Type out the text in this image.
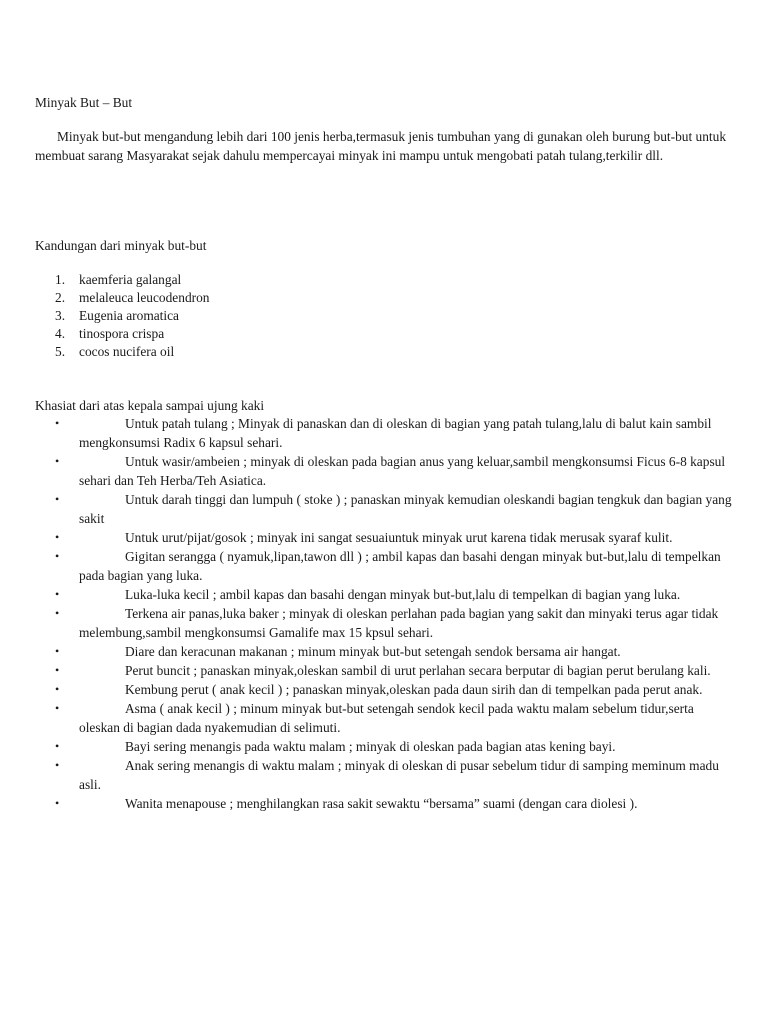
Minyak But – But

Minyak but-but mengandung lebih dari 100 jenis herba,termasuk jenis tumbuhan yang di gunakan oleh burung but-but untuk membuat sarang Masyarakat sejak dahulu mempercayai minyak ini mampu untuk mengobati patah tulang,terkilir dll.

Kandungan dari minyak but-but

1.	kaemferia galangal
2.	melaleuca leucodendron
3.	Eugenia aromatica
4.	tinospora crispa
5.	cocos nucifera oil

Khasiat dari atas kepala sampai ujung kaki

•	Untuk patah tulang ; Minyak di panaskan dan di oleskan di bagian yang patah tulang,lalu di balut kain sambil mengkonsumsi Radix 6 kapsul sehari.
•	Untuk wasir/ambeien ; minyak di oleskan pada bagian anus yang keluar,sambil mengkonsumsi Ficus 6-8 kapsul sehari dan Teh Herba/Teh Asiatica.
•	Untuk darah tinggi dan lumpuh ( stoke ) ; panaskan minyak kemudian oleskandi bagian tengkuk dan bagian yang sakit
•	Untuk urut/pijat/gosok ; minyak ini sangat sesuaiuntuk minyak urut karena tidak merusak syaraf kulit.
•	Gigitan serangga ( nyamuk,lipan,tawon dll ) ; ambil kapas dan basahi dengan minyak but-but,lalu di tempelkan pada bagian yang luka.
•	Luka-luka kecil ; ambil kapas dan basahi dengan minyak but-but,lalu di tempelkan di bagian yang luka.
•	Terkena air panas,luka baker ; minyak di oleskan perlahan pada bagian yang sakit dan minyaki terus agar tidak melembung,sambil mengkonsumsi Gamalife max 15 kpsul sehari.
•	Diare dan keracunan makanan ; minum minyak but-but setengah sendok bersama air hangat.
•	Perut buncit ; panaskan minyak,oleskan sambil di urut perlahan secara berputar di bagian perut berulang kali.
•	Kembung perut ( anak kecil ) ; panaskan minyak,oleskan pada daun sirih dan di tempelkan pada perut anak.
•	Asma ( anak kecil ) ; minum minyak but-but setengah sendok kecil pada waktu malam sebelum tidur,serta oleskan di bagian dada nyakemudian di selimuti.
•	Bayi sering menangis pada waktu malam ; minyak di oleskan pada bagian atas kening bayi.
•	Anak sering menangis di waktu malam ; minyak di oleskan di pusar sebelum tidur di samping meminum madu asli.
•	Wanita menapouse ; menghilangkan rasa sakit sewaktu “bersama” suami (dengan cara diolesi ).
